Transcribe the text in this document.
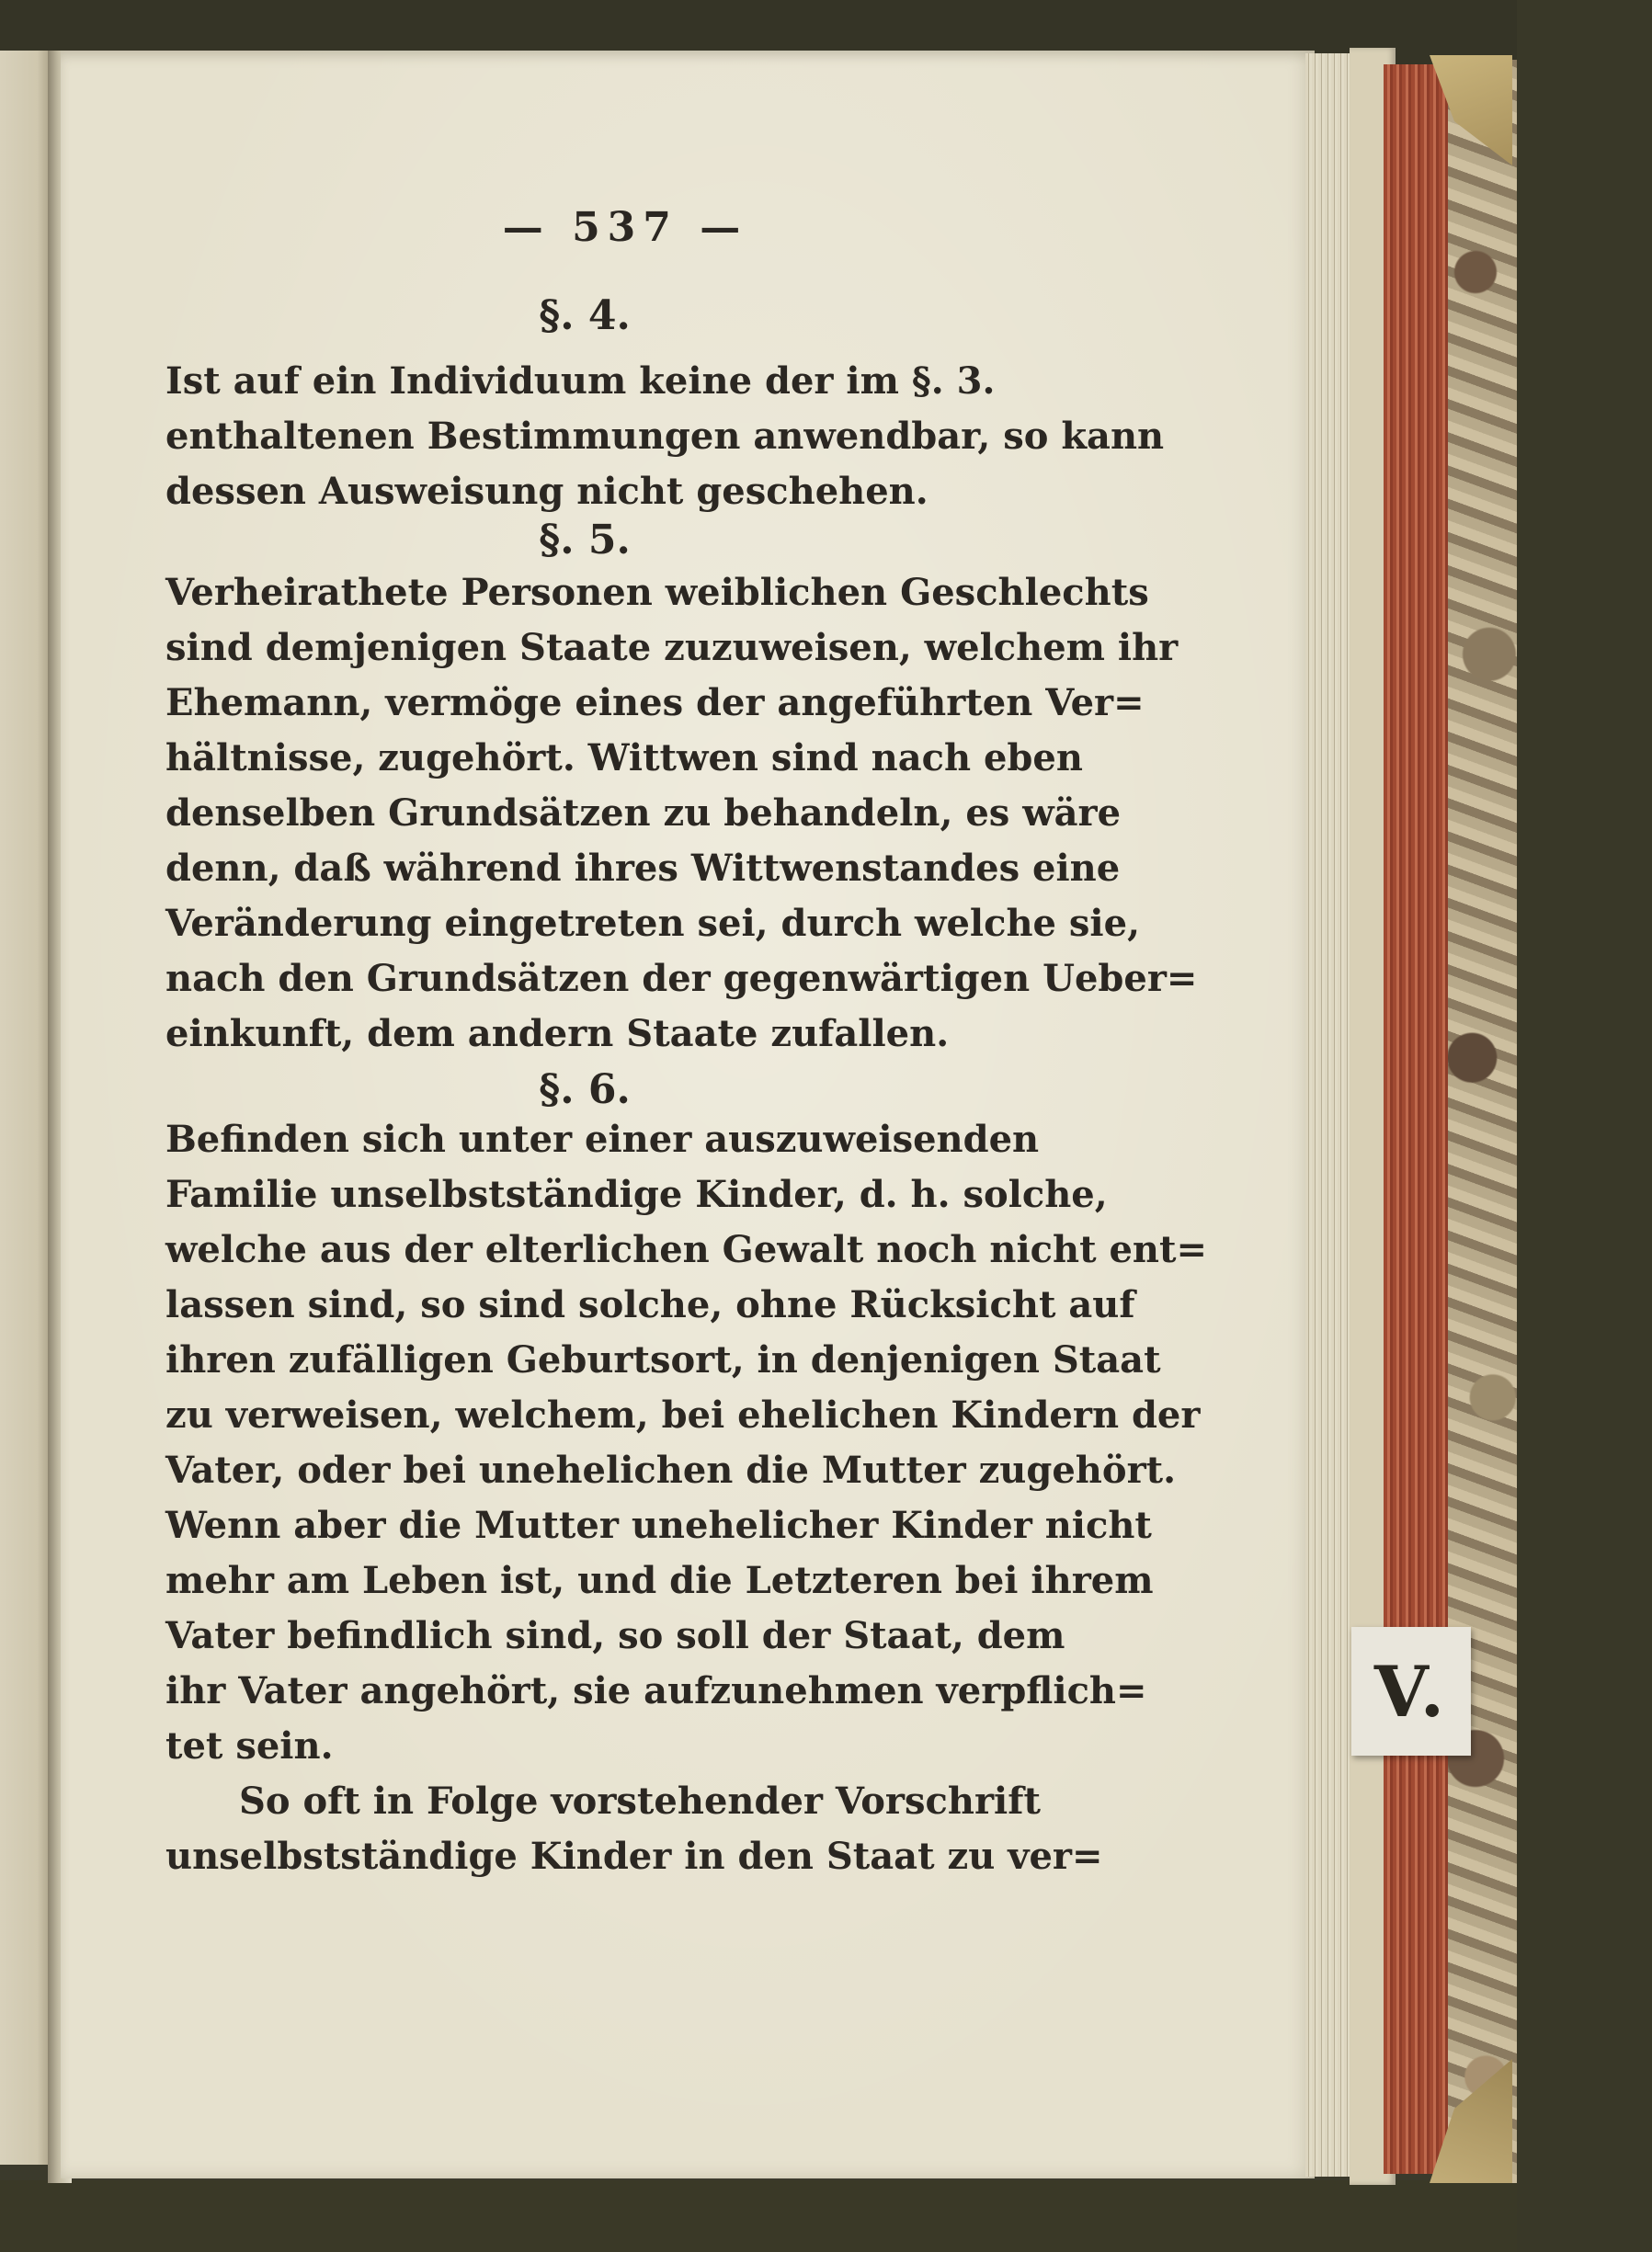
V.
— 537 —
§. 4.
Ist auf ein Individuum keine der im §. 3.
enthaltenen Bestimmungen anwendbar, so kann
dessen Ausweisung nicht geschehen.
§. 5.
Verheirathete Personen weiblichen Geschlechts
sind demjenigen Staate zuzuweisen, welchem ihr
Ehemann, vermöge eines der angeführten Ver=
hältnisse, zugehört. Wittwen sind nach eben
denselben Grundsätzen zu behandeln, es wäre
denn, daß während ihres Wittwenstandes eine
Veränderung eingetreten sei, durch welche sie,
nach den Grundsätzen der gegenwärtigen Ueber=
einkunft, dem andern Staate zufallen.
§. 6.
Befinden sich unter einer auszuweisenden
Familie unselbstständige Kinder, d. h. solche,
welche aus der elterlichen Gewalt noch nicht ent=
lassen sind, so sind solche, ohne Rücksicht auf
ihren zufälligen Geburtsort, in denjenigen Staat
zu verweisen, welchem, bei ehelichen Kindern der
Vater, oder bei unehelichen die Mutter zugehört.
Wenn aber die Mutter unehelicher Kinder nicht
mehr am Leben ist, und die Letzteren bei ihrem
Vater befindlich sind, so soll der Staat, dem
ihr Vater angehört, sie aufzunehmen verpflich=
tet sein.
So oft in Folge vorstehender Vorschrift
unselbstständige Kinder in den Staat zu ver=
